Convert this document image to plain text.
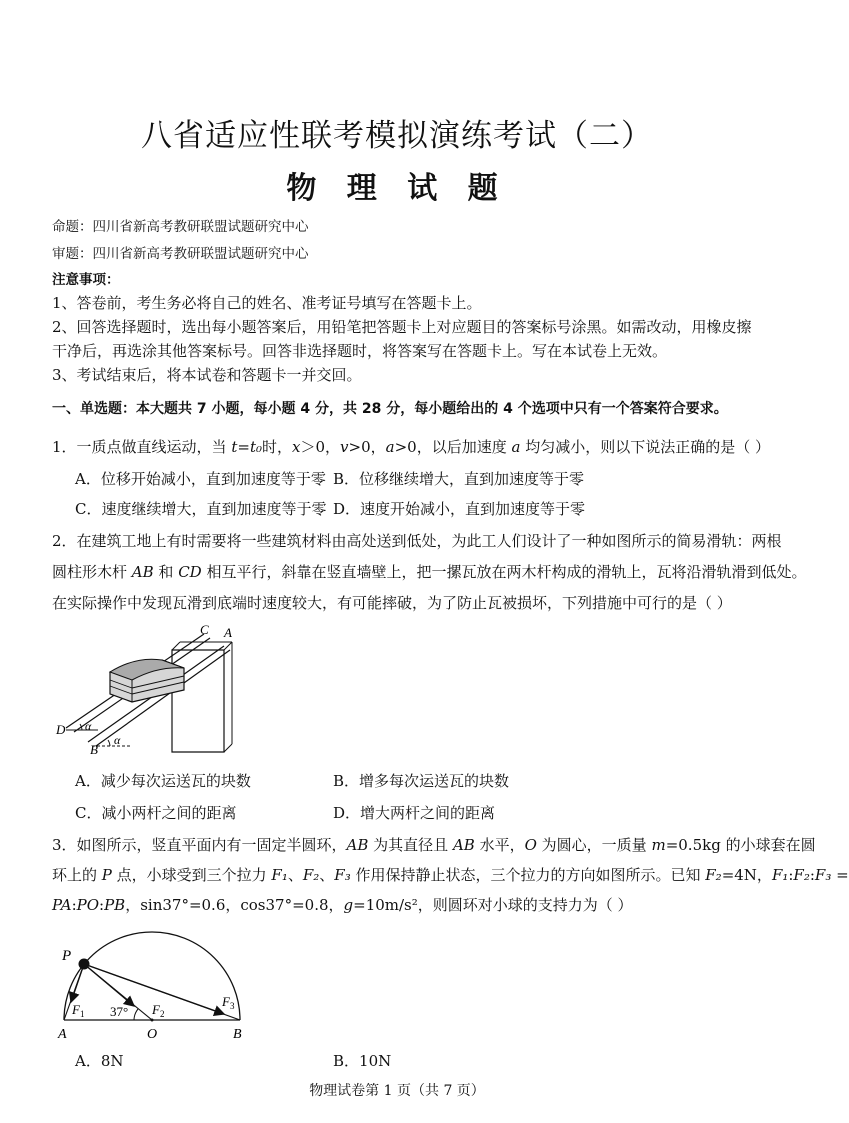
八省适应性联考模拟演练考试（二）
物 理 试 题
命题：四川省新高考教研联盟试题研究中心
审题：四川省新高考教研联盟试题研究中心
注意事项：
1、答卷前，考生务必将自己的姓名、准考证号填写在答题卡上。
2、回答选择题时，选出每小题答案后，用铅笔把答题卡上对应题目的答案标号涂黑。如需改动，用橡皮擦
干净后，再选涂其他答案标号。回答非选择题时，将答案写在答题卡上。写在本试卷上无效。
3、考试结束后，将本试卷和答题卡一并交回。
一、单选题：本大题共 7 小题，每小题 4 分，共 28 分，每小题给出的 4 个选项中只有一个答案符合要求。
1．一质点做直线运动，当 t=t₀时，x＞0，v>0，a>0，以后加速度 a 均匀减小，则以下说法正确的是（ ）
A．位移开始减小，直到加速度等于零 B．位移继续增大，直到加速度等于零
C．速度继续增大，直到加速度等于零 D．速度开始减小，直到加速度等于零
2．在建筑工地上有时需要将一些建筑材料由高处送到低处，为此工人们设计了一种如图所示的简易滑轨：两根
圆柱形木杆 AB 和 CD 相互平行，斜靠在竖直墙壁上，把一摞瓦放在两木杆构成的滑轨上，瓦将沿滑轨滑到低处。
在实际操作中发现瓦滑到底端时速度较大，有可能摔破，为了防止瓦被损坏，下列措施中可行的是（ ）
C A
D
B
α
α
A．减少每次运送瓦的块数	B．增多每次运送瓦的块数
C．减小两杆之间的距离	D．增大两杆之间的距离
3．如图所示，竖直平面内有一固定半圆环，AB 为其直径且 AB 水平，O 为圆心，一质量 m=0.5kg 的小球套在圆
环上的 P 点，小球受到三个拉力 F₁、F₂、F₃ 作用保持静止状态，三个拉力的方向如图所示。已知 F₂=4N，F₁:F₂:F₃ =
PA:PO:PB，sin37°=0.6，cos37°=0.8，g=10m/s²，则圆环对小球的支持力为（ ）
P
$F_1$	$F_2$
$F_3$
37°
A	O	B
A．8N	B．10N
物理试卷第 1 页（共 7 页）
